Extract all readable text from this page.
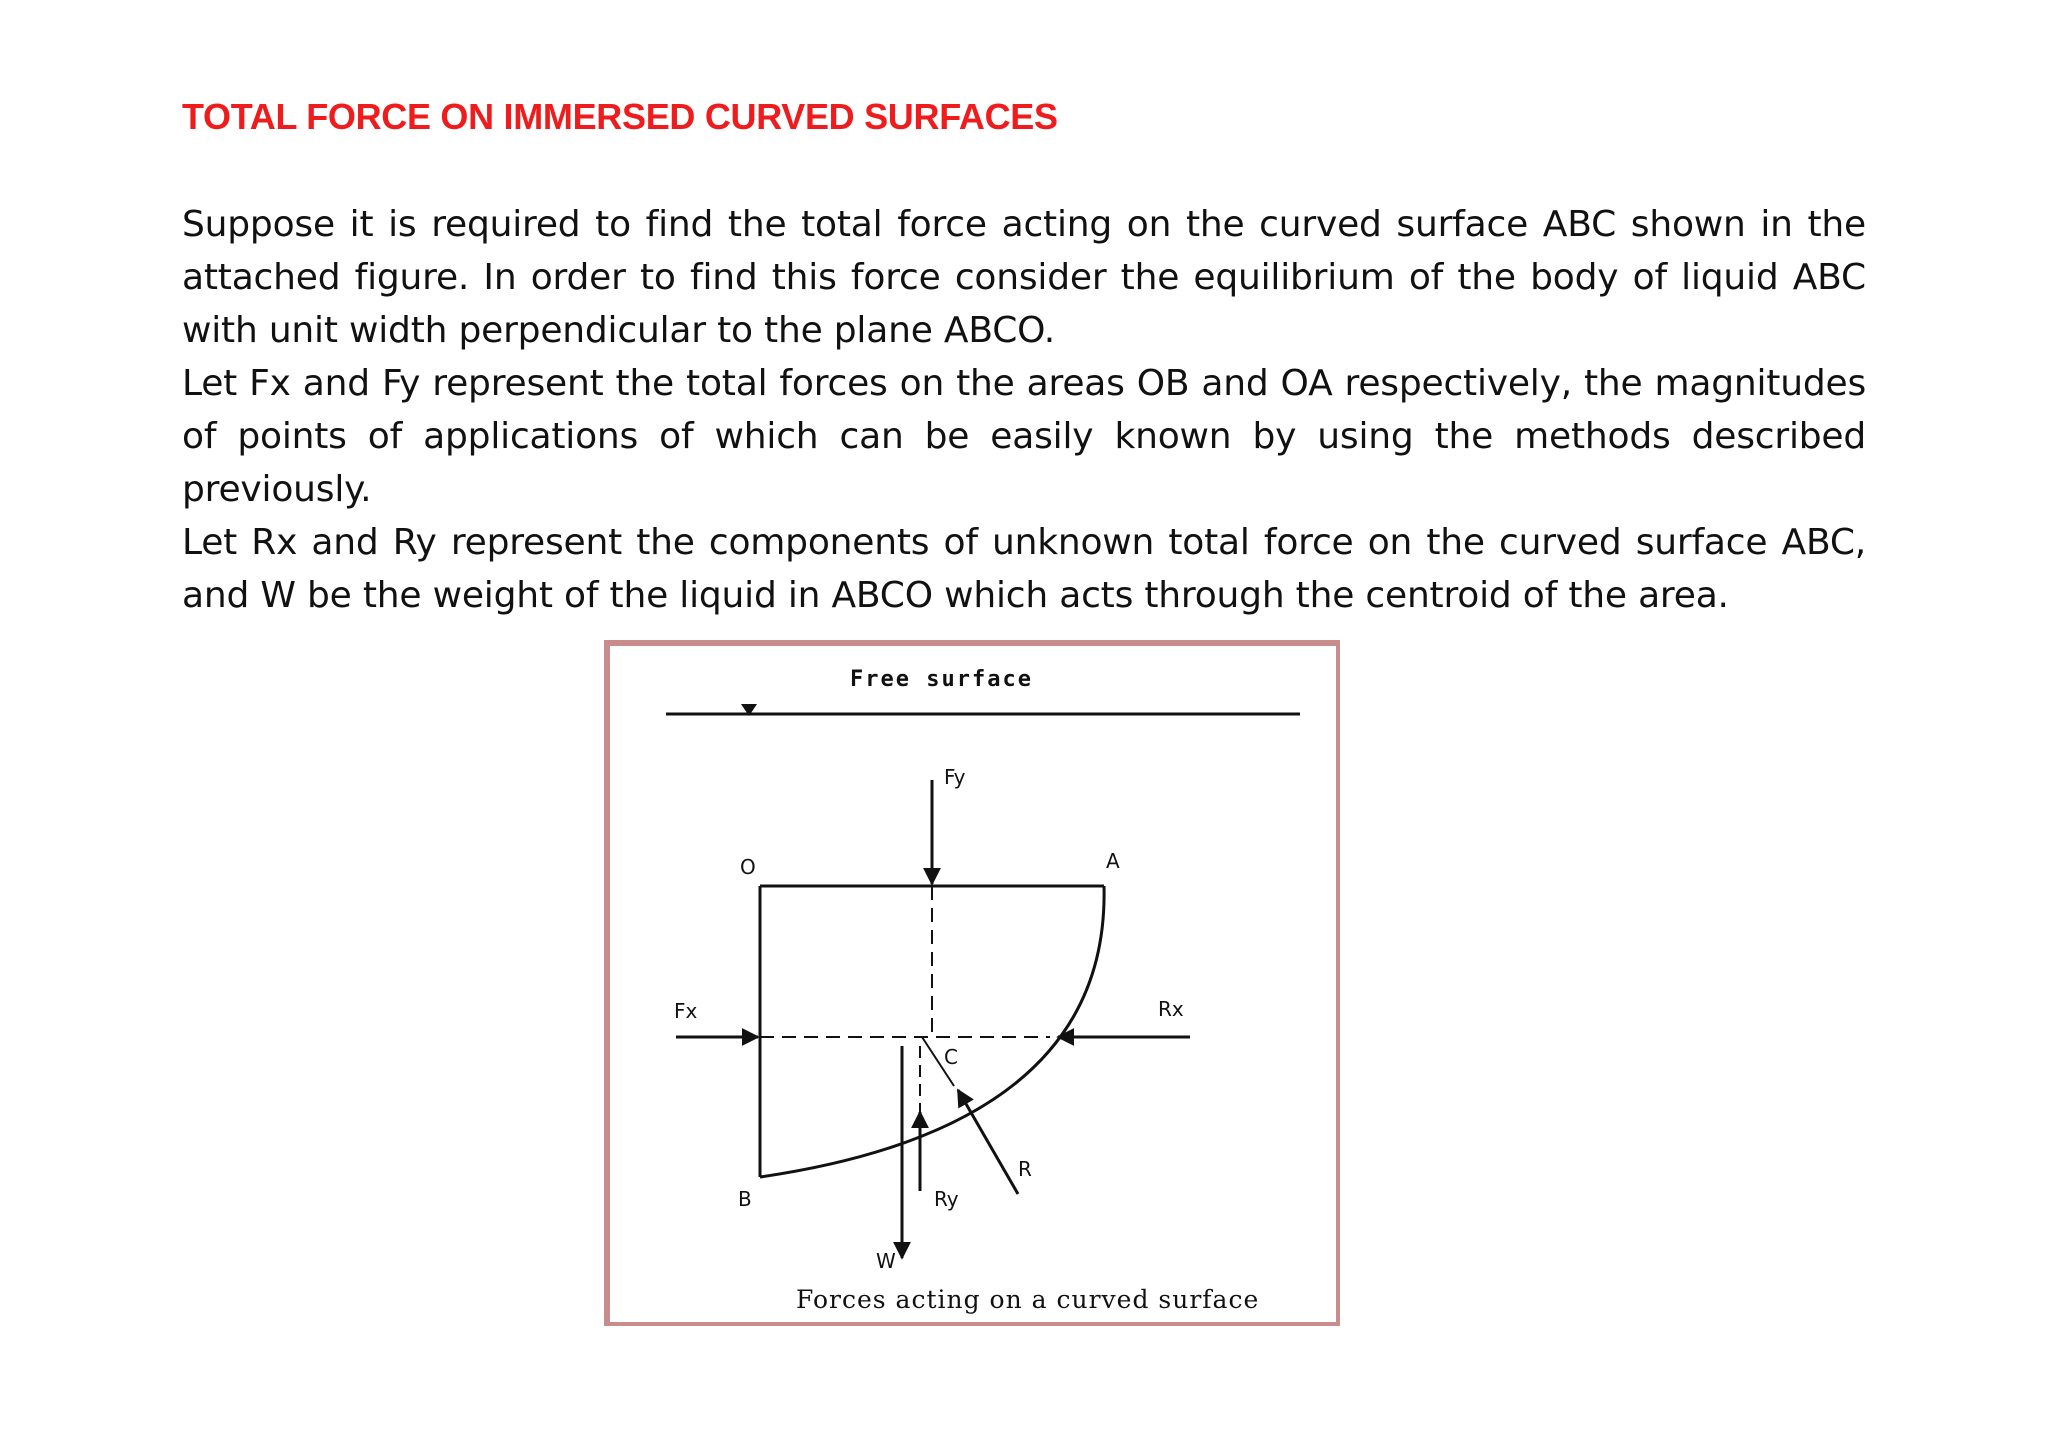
TOTAL FORCE ON IMMERSED CURVED SURFACES

Suppose it is required to find the total force acting on the curved surface ABC shown in the attached figure. In order to find this force consider the equilibrium of the body of liquid ABC with unit width perpendicular to the plane ABCO.

Let Fx and Fy represent the total forces on the areas OB and OA respectively, the magnitudes of points of applications of which can be easily known by using the methods described previously.

Let Rx and Ry represent the components of unknown total force on the curved surface ABC, and W be the weight of the liquid in ABCO which acts through the centroid of the area.

Free surface
Fx	Rx
Fy
W
Ry
R
O	A
B
C
Forces acting on a curved surface
